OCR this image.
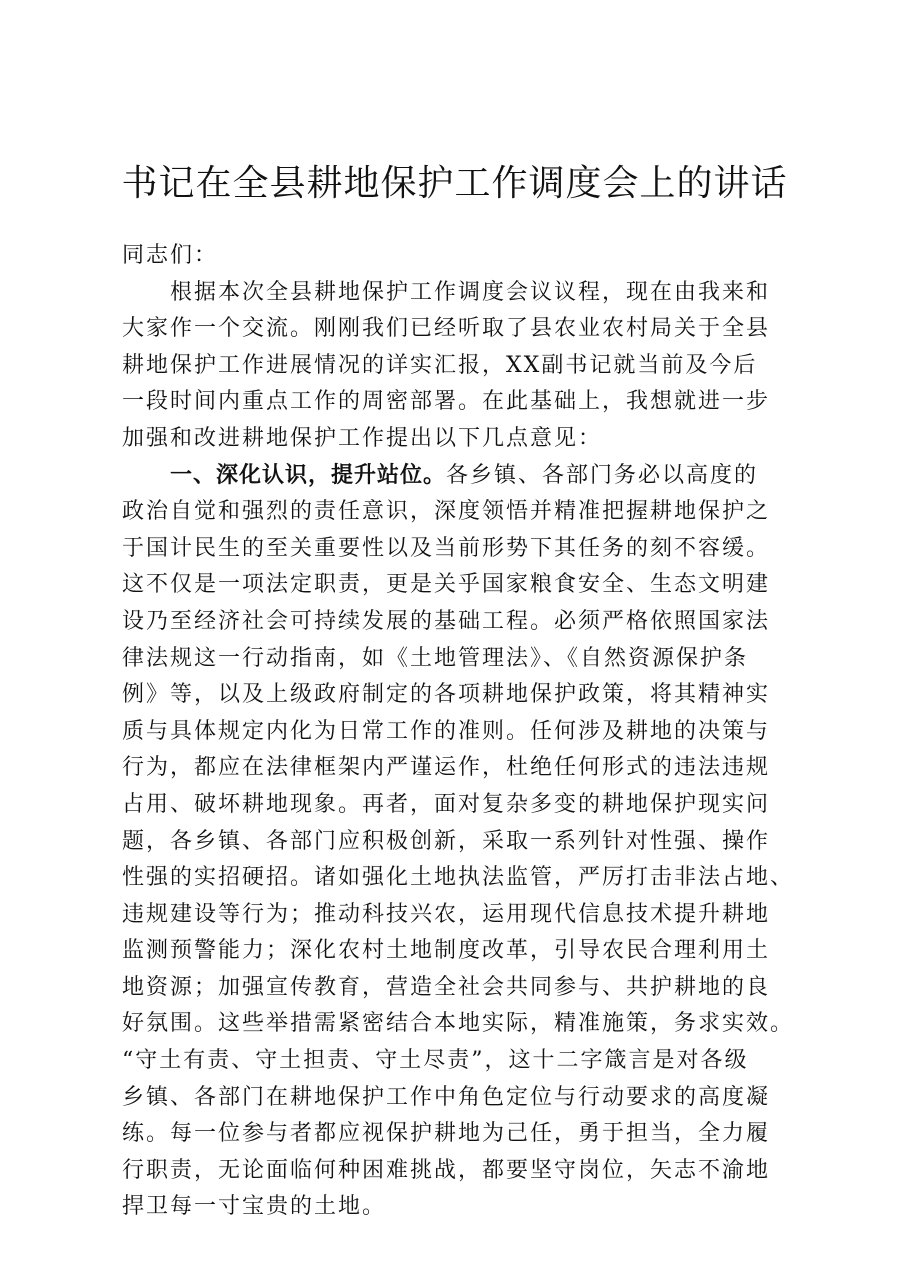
书记在全县耕地保护工作调度会上的讲话
同志们：
根据本次全县耕地保护工作调度会议议程，现在由我来和
大家作一个交流。刚刚我们已经听取了县农业农村局关于全县
耕地保护工作进展情况的详实汇报，XX副书记就当前及今后
一段时间内重点工作的周密部署。在此基础上，我想就进一步
加强和改进耕地保护工作提出以下几点意见：
一、深化认识，提升站位。各乡镇、各部门务必以高度的
政治自觉和强烈的责任意识，深度领悟并精准把握耕地保护之
于国计民生的至关重要性以及当前形势下其任务的刻不容缓。
这不仅是一项法定职责，更是关乎国家粮食安全、生态文明建
设乃至经济社会可持续发展的基础工程。必须严格依照国家法
律法规这一行动指南，如《土地管理法》、《自然资源保护条
例》等，以及上级政府制定的各项耕地保护政策，将其精神实
质与具体规定内化为日常工作的准则。任何涉及耕地的决策与
行为，都应在法律框架内严谨运作，杜绝任何形式的违法违规
占用、破坏耕地现象。再者，面对复杂多变的耕地保护现实问
题，各乡镇、各部门应积极创新，采取一系列针对性强、操作
性强的实招硬招。诸如强化土地执法监管，严厉打击非法占地、
违规建设等行为；推动科技兴农，运用现代信息技术提升耕地
监测预警能力；深化农村土地制度改革，引导农民合理利用土
地资源；加强宣传教育，营造全社会共同参与、共护耕地的良
好氛围。这些举措需紧密结合本地实际，精准施策，务求实效。
“守土有责、守土担责、守土尽责”，这十二字箴言是对各级
乡镇、各部门在耕地保护工作中角色定位与行动要求的高度凝
练。每一位参与者都应视保护耕地为己任，勇于担当，全力履
行职责，无论面临何种困难挑战，都要坚守岗位，矢志不渝地
捍卫每一寸宝贵的土地。
